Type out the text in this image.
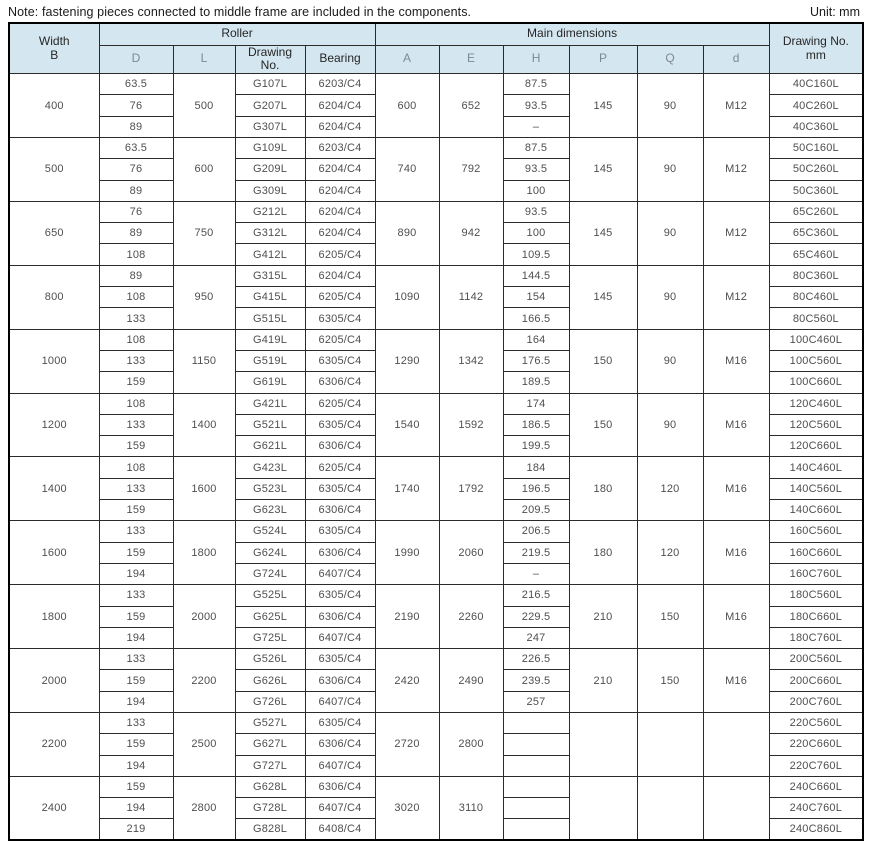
Note: fastening pieces connected to middle frame are included in the components.	Unit: mm
Width
B	Roller				Main dimensions						Drawing No.
mm
	D	L	Drawing No.	Bearing	A	E	H	P	Q	d	
400	63.5	500	G107L	6203/C4	600	652	87.5	145	90	M12	40C160L
	76		G207L	6204/C4			93.5				40C260L
	89		G307L	6204/C4			–				40C360L
500	63.5	600	G109L	6203/C4	740	792	87.5	145	90	M12	50C160L
	76		G209L	6204/C4			93.5				50C260L
	89		G309L	6204/C4			100				50C360L
650	76	750	G212L	6204/C4	890	942	93.5	145	90	M12	65C260L
	89		G312L	6204/C4			100				65C360L
	108		G412L	6205/C4			109.5				65C460L
800	89	950	G315L	6204/C4	1090	1142	144.5	145	90	M12	80C360L
	108		G415L	6205/C4			154				80C460L
	133		G515L	6305/C4			166.5				80C560L
1000	108	1150	G419L	6205/C4	1290	1342	164	150	90	M16	100C460L
	133		G519L	6305/C4			176.5				100C560L
	159		G619L	6306/C4			189.5				100C660L
1200	108	1400	G421L	6205/C4	1540	1592	174	150	90	M16	120C460L
	133		G521L	6305/C4			186.5				120C560L
	159		G621L	6306/C4			199.5				120C660L
1400	108	1600	G423L	6205/C4	1740	1792	184	180	120	M16	140C460L
	133		G523L	6305/C4			196.5				140C560L
	159		G623L	6306/C4			209.5				140C660L
1600	133	1800	G524L	6305/C4	1990	2060	206.5	180	120	M16	160C560L
	159		G624L	6306/C4			219.5				160C660L
	194		G724L	6407/C4			–				160C760L
1800	133	2000	G525L	6305/C4	2190	2260	216.5	210	150	M16	180C560L
	159		G625L	6306/C4			229.5				180C660L
	194		G725L	6407/C4			247				180C760L
2000	133	2200	G526L	6305/C4	2420	2490	226.5	210	150	M16	200C560L
	159		G626L	6306/C4			239.5				200C660L
	194		G726L	6407/C4			257				200C760L
2200	133	2500	G527L	6305/C4	2720	2800					220C560L
	159		G627L	6306/C4							220C660L
	194		G727L	6407/C4							220C760L
2400	159	2800	G628L	6306/C4	3020	3110					240C660L
	194		G728L	6407/C4							240C760L
	219		G828L	6408/C4							240C860L
